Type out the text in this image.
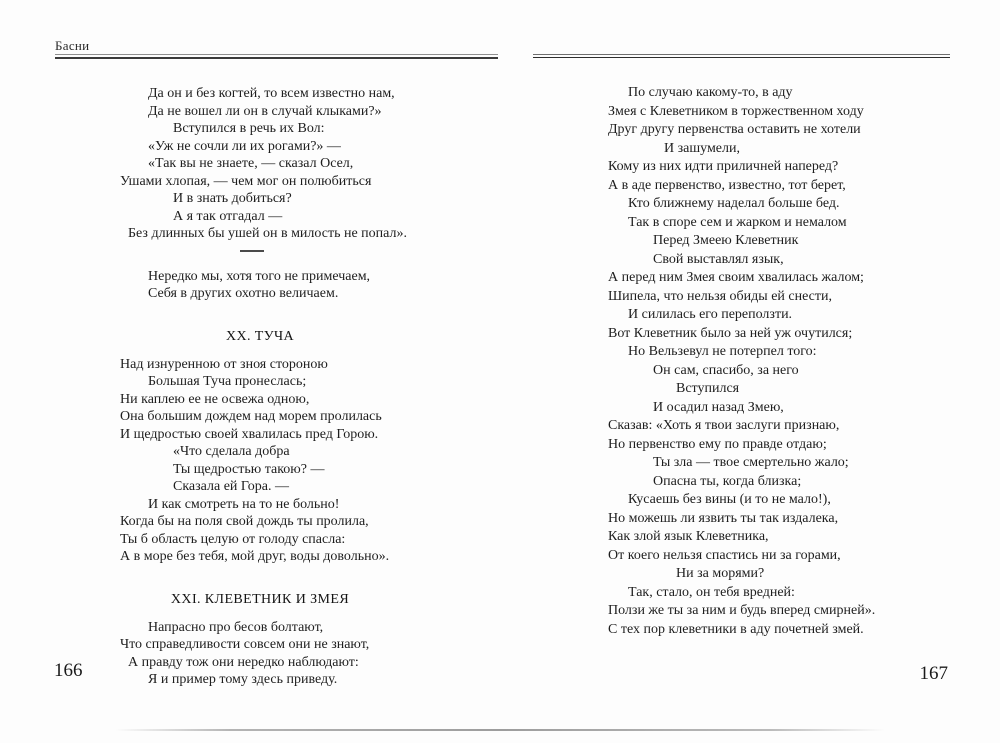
Басни
Да он и без когтей, то всем известно нам,
Да не вошел ли он в случай клыками?»
Вступился в речь их Вол:
«Уж не сочли ли их рогами?» —
«Так вы не знаете, — сказал Осел,
Ушами хлопая, — чем мог он полюбиться
И в знать добиться?
А я так отгадал —
Без длинных бы ушей он в милость не попал».
Нередко мы, хотя того не примечаем,
Себя в других охотно величаем.
XX. ТУЧА
Над изнуренною от зноя стороною
Большая Туча пронеслась;
Ни каплею ее не освежа одною,
Она большим дождем над морем пролилась
И щедростью своей хвалилась пред Горою.
«Что сделала добра
Ты щедростью такою? —
Сказала ей Гора. —
И как смотреть на то не больно!
Когда бы на поля свой дождь ты пролила,
Ты б область целую от голоду спасла:
А в море без тебя, мой друг, воды довольно».
XXI. КЛЕВЕТНИК И ЗМЕЯ
Напрасно про бесов болтают,
Что справедливости совсем они не знают,
А правду тож они нередко наблюдают:
Я и пример тому здесь приведу.
166
По случаю какому-то, в аду
Змея с Клеветником в торжественном ходу
Друг другу первенства оставить не хотели
И зашумели,
Кому из них идти приличней наперед?
А в аде первенство, известно, тот берет,
Кто ближнему наделал больше бед.
Так в споре сем и жарком и немалом
Перед Змеею Клеветник
Свой выставлял язык,
А перед ним Змея своим хвалилась жалом;
Шипела, что нельзя обиды ей снести,
И силилась его переползти.
Вот Клеветник было за ней уж очутился;
Но Вельзевул не потерпел того:
Он сам, спасибо, за него
Вступился
И осадил назад Змею,
Сказав: «Хоть я твои заслуги признаю,
Но первенство ему по правде отдаю;
Ты зла — твое смертельно жало;
Опасна ты, когда близка;
Кусаешь без вины (и то не мало!),
Но можешь ли язвить ты так издалека,
Как злой язык Клеветника,
От коего нельзя спастись ни за горами,
Ни за морями?
Так, стало, он тебя вредней:
Ползи же ты за ним и будь вперед смирней».
С тех пор клеветники в аду почетней змей.
167
